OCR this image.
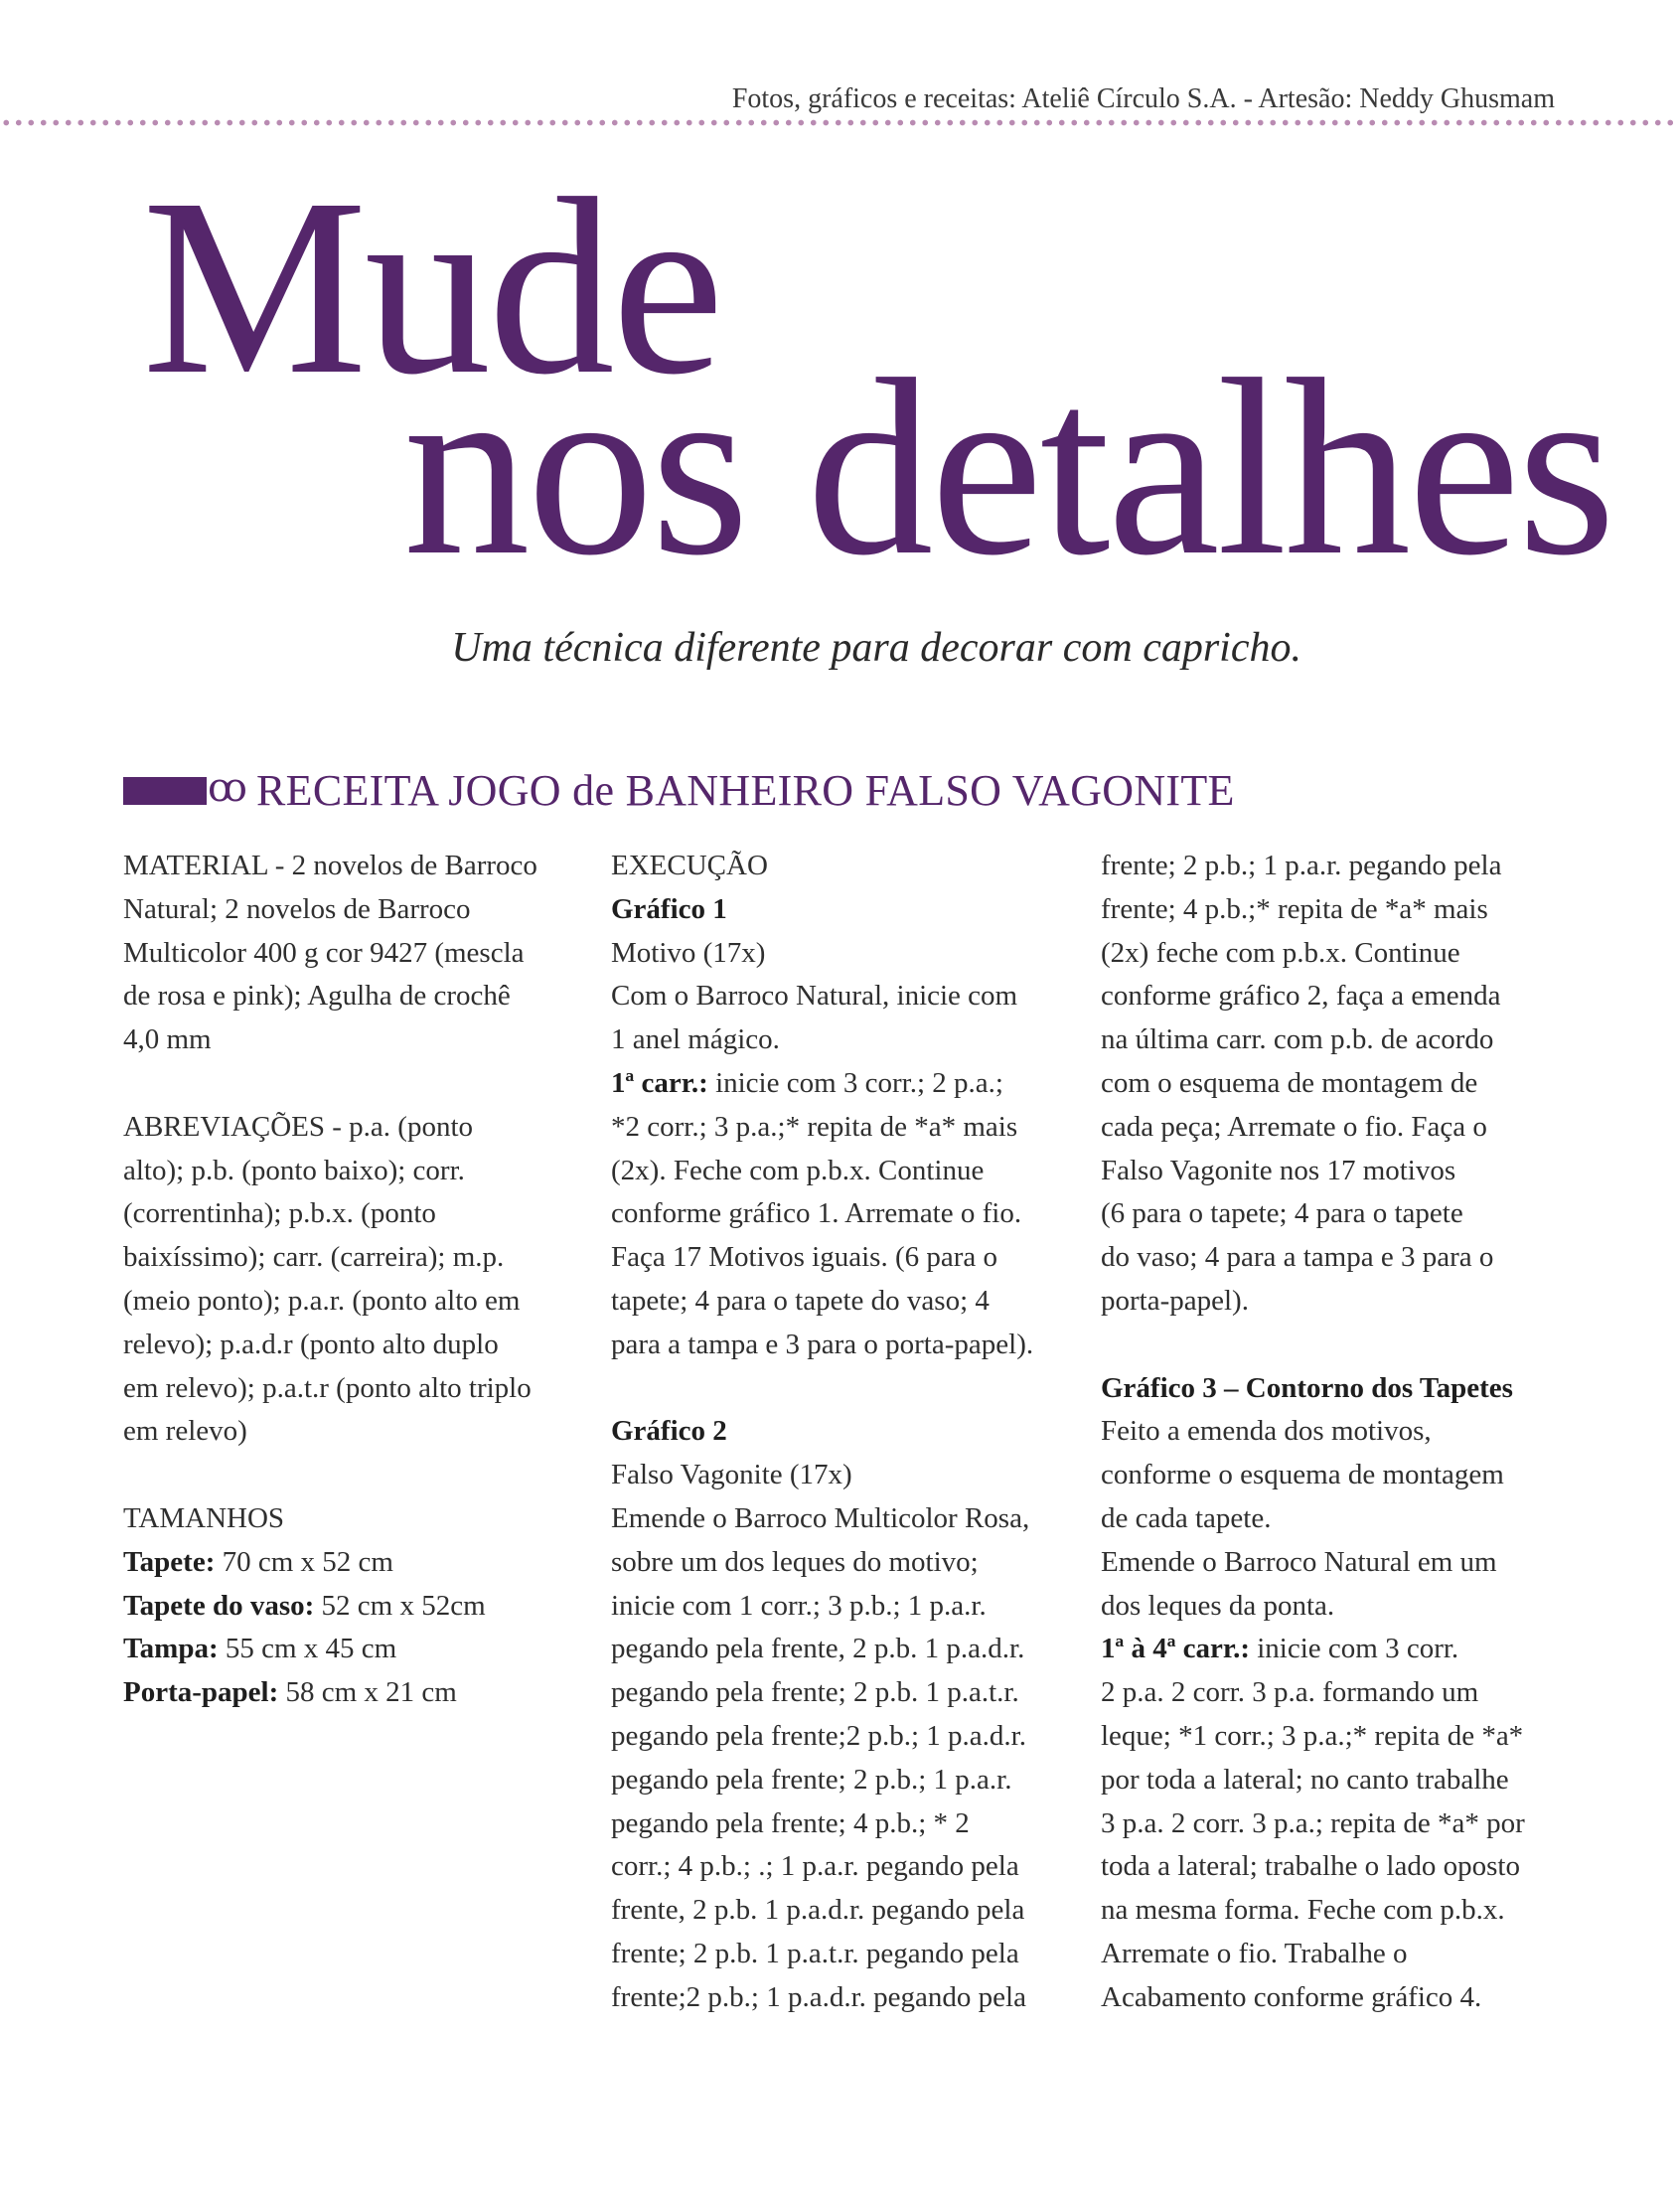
Fotos, gráficos e receitas: Ateliê Círculo S.A. - Artesão: Neddy Ghusmam
Mude
nos detalhes
Uma técnica diferente para decorar com capricho.
ꝏ RECEITA JOGO de BANHEIRO FALSO VAGONITE
MATERIAL - 2 novelos de Barroco
Natural; 2 novelos de Barroco
Multicolor 400 g cor 9427 (mescla
de rosa e pink); Agulha de crochê
4,0 mm
ABREVIAÇÕES - p.a. (ponto
alto); p.b. (ponto baixo); corr.
(correntinha); p.b.x. (ponto
baixíssimo); carr. (carreira); m.p.
(meio ponto); p.a.r. (ponto alto em
relevo); p.a.d.r (ponto alto duplo
em relevo); p.a.t.r (ponto alto triplo
em relevo)
TAMANHOS
Tapete: 70 cm x 52 cm
Tapete do vaso: 52 cm x 52cm
Tampa: 55 cm x 45 cm
Porta-papel: 58 cm x 21 cm
EXECUÇÃO
Gráfico 1
Motivo (17x)
Com o Barroco Natural, inicie com
1 anel mágico.
1ª carr.: inicie com 3 corr.; 2 p.a.;
*2 corr.; 3 p.a.;* repita de *a* mais
(2x). Feche com p.b.x. Continue
conforme gráfico 1. Arremate o fio.
Faça 17 Motivos iguais. (6 para o
tapete; 4 para o tapete do vaso; 4
para a tampa e 3 para o porta-papel).
Gráfico 2
Falso Vagonite (17x)
Emende o Barroco Multicolor Rosa,
sobre um dos leques do motivo;
inicie com 1 corr.; 3 p.b.; 1 p.a.r.
pegando pela frente, 2 p.b. 1 p.a.d.r.
pegando pela frente; 2 p.b. 1 p.a.t.r.
pegando pela frente;2 p.b.; 1 p.a.d.r.
pegando pela frente; 2 p.b.; 1 p.a.r.
pegando pela frente; 4 p.b.; * 2
corr.; 4 p.b.; .; 1 p.a.r. pegando pela
frente, 2 p.b. 1 p.a.d.r. pegando pela
frente; 2 p.b. 1 p.a.t.r. pegando pela
frente;2 p.b.; 1 p.a.d.r. pegando pela
frente; 2 p.b.; 1 p.a.r. pegando pela
frente; 4 p.b.;* repita de *a* mais
(2x) feche com p.b.x. Continue
conforme gráfico 2, faça a emenda
na última carr. com p.b. de acordo
com o esquema de montagem de
cada peça; Arremate o fio. Faça o
Falso Vagonite nos 17 motivos
(6 para o tapete; 4 para o tapete
do vaso; 4 para a tampa e 3 para o
porta-papel).
Gráfico 3 – Contorno dos Tapetes
Feito a emenda dos motivos,
conforme o esquema de montagem
de cada tapete.
Emende o Barroco Natural em um
dos leques da ponta.
1ª à 4ª carr.: inicie com 3 corr.
2 p.a. 2 corr. 3 p.a. formando um
leque; *1 corr.; 3 p.a.;* repita de *a*
por toda a lateral; no canto trabalhe
3 p.a. 2 corr. 3 p.a.; repita de *a* por
toda a lateral; trabalhe o lado oposto
na mesma forma. Feche com p.b.x.
Arremate o fio. Trabalhe o
Acabamento conforme gráfico 4.
